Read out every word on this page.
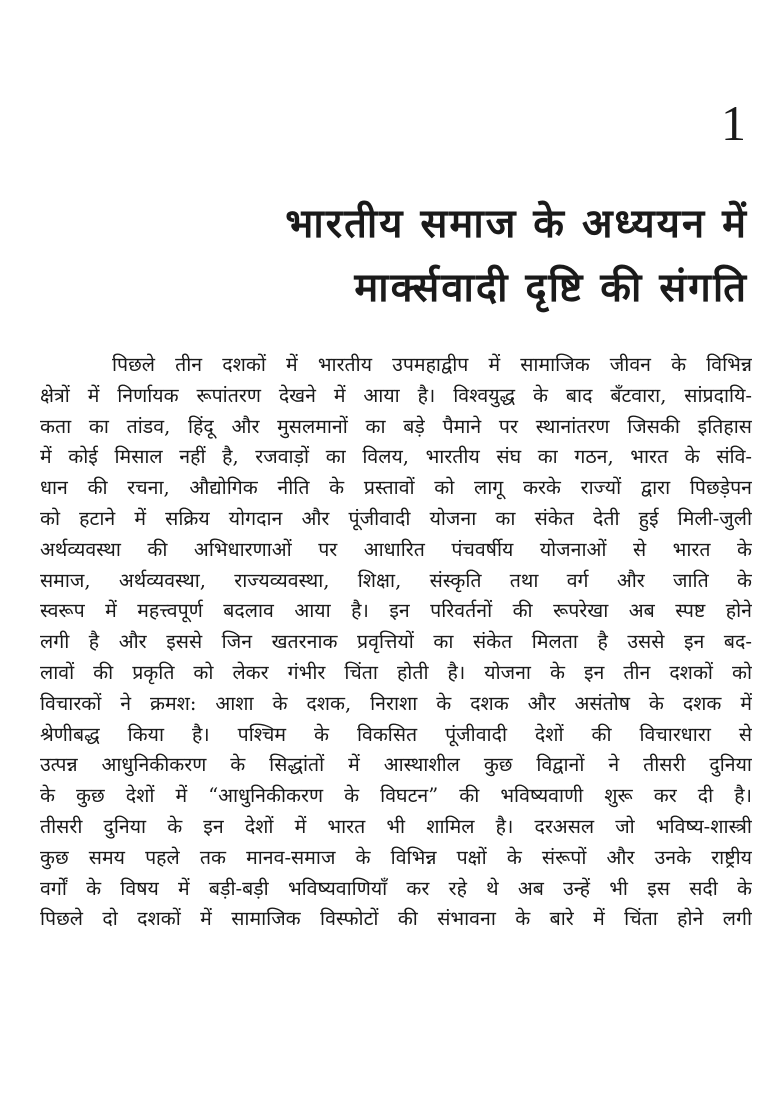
1
भारतीय समाज के अध्ययन में
मार्क्सवादी दृष्टि की संगति
पिछले तीन दशकों में भारतीय उपमहाद्वीप में सामाजिक जीवन के विभिन्न
क्षेत्रों में निर्णायक रूपांतरण देखने में आया है। विश्वयुद्ध के बाद बँटवारा, सांप्रदायि-
कता का तांडव, हिंदू और मुसलमानों का बड़े पैमाने पर स्थानांतरण जिसकी इतिहास
में कोई मिसाल नहीं है, रजवाड़ों का विलय, भारतीय संघ का गठन, भारत के संवि-
धान की रचना, औद्योगिक नीति के प्रस्तावों को लागू करके राज्यों द्वारा पिछड़ेपन
को हटाने में सक्रिय योगदान और पूंजीवादी योजना का संकेत देती हुई मिली-जुली
अर्थव्यवस्था की अभिधारणाओं पर आधारित पंचवर्षीय योजनाओं से भारत के
समाज, अर्थव्यवस्था, राज्यव्यवस्था, शिक्षा, संस्कृति तथा वर्ग और जाति के
स्वरूप में महत्त्वपूर्ण बदलाव आया है। इन परिवर्तनों की रूपरेखा अब स्पष्ट होने
लगी है और इससे जिन खतरनाक प्रवृत्तियों का संकेत मिलता है उससे इन बद-
लावों की प्रकृति को लेकर गंभीर चिंता होती है। योजना के इन तीन दशकों को
विचारकों ने क्रमश: आशा के दशक, निराशा के दशक और असंतोष के दशक में
श्रेणीबद्ध किया है। पश्चिम के विकसित पूंजीवादी देशों की विचारधारा से
उत्पन्न आधुनिकीकरण के सिद्धांतों में आस्थाशील कुछ विद्वानों ने तीसरी दुनिया
के कुछ देशों में “आधुनिकीकरण के विघटन” की भविष्यवाणी शुरू कर दी है।
तीसरी दुनिया के इन देशों में भारत भी शामिल है। दरअसल जो भविष्य-शास्त्री
कुछ समय पहले तक मानव-समाज के विभिन्न पक्षों के संरूपों और उनके राष्ट्रीय
वर्गों के विषय में बड़ी-बड़ी भविष्यवाणियाँ कर रहे थे अब उन्हें भी इस सदी के
पिछले दो दशकों में सामाजिक विस्फोटों की संभावना के बारे में चिंता होने लगी
